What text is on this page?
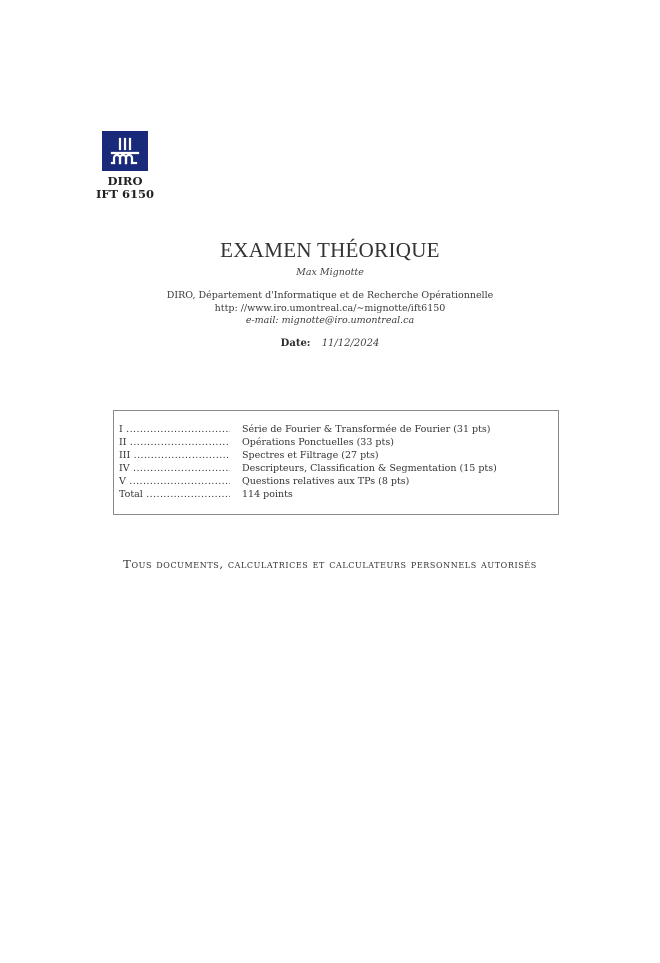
DIRO
IFT 6150
EXAMEN THÉORIQUE
Max Mignotte
DIRO, Département d'Informatique et de Recherche Opérationnelle
http: //www.iro.umontreal.ca/∼mignotte/ift6150
e-mail: mignotte@iro.umontreal.ca
Date: 11/12/2024
I .....	Série de Fourier & Transformée de Fourier (31 pts)
II .....	Opérations Ponctuelles (33 pts)
III .....	Spectres et Filtrage (27 pts)
IV .....	Descripteurs, Classification & Segmentation (15 pts)
V .....	Questions relatives aux TPs (8 pts)
Total .....	114 points
Tous documents, calculatrices et calculateurs personnels autorisés
